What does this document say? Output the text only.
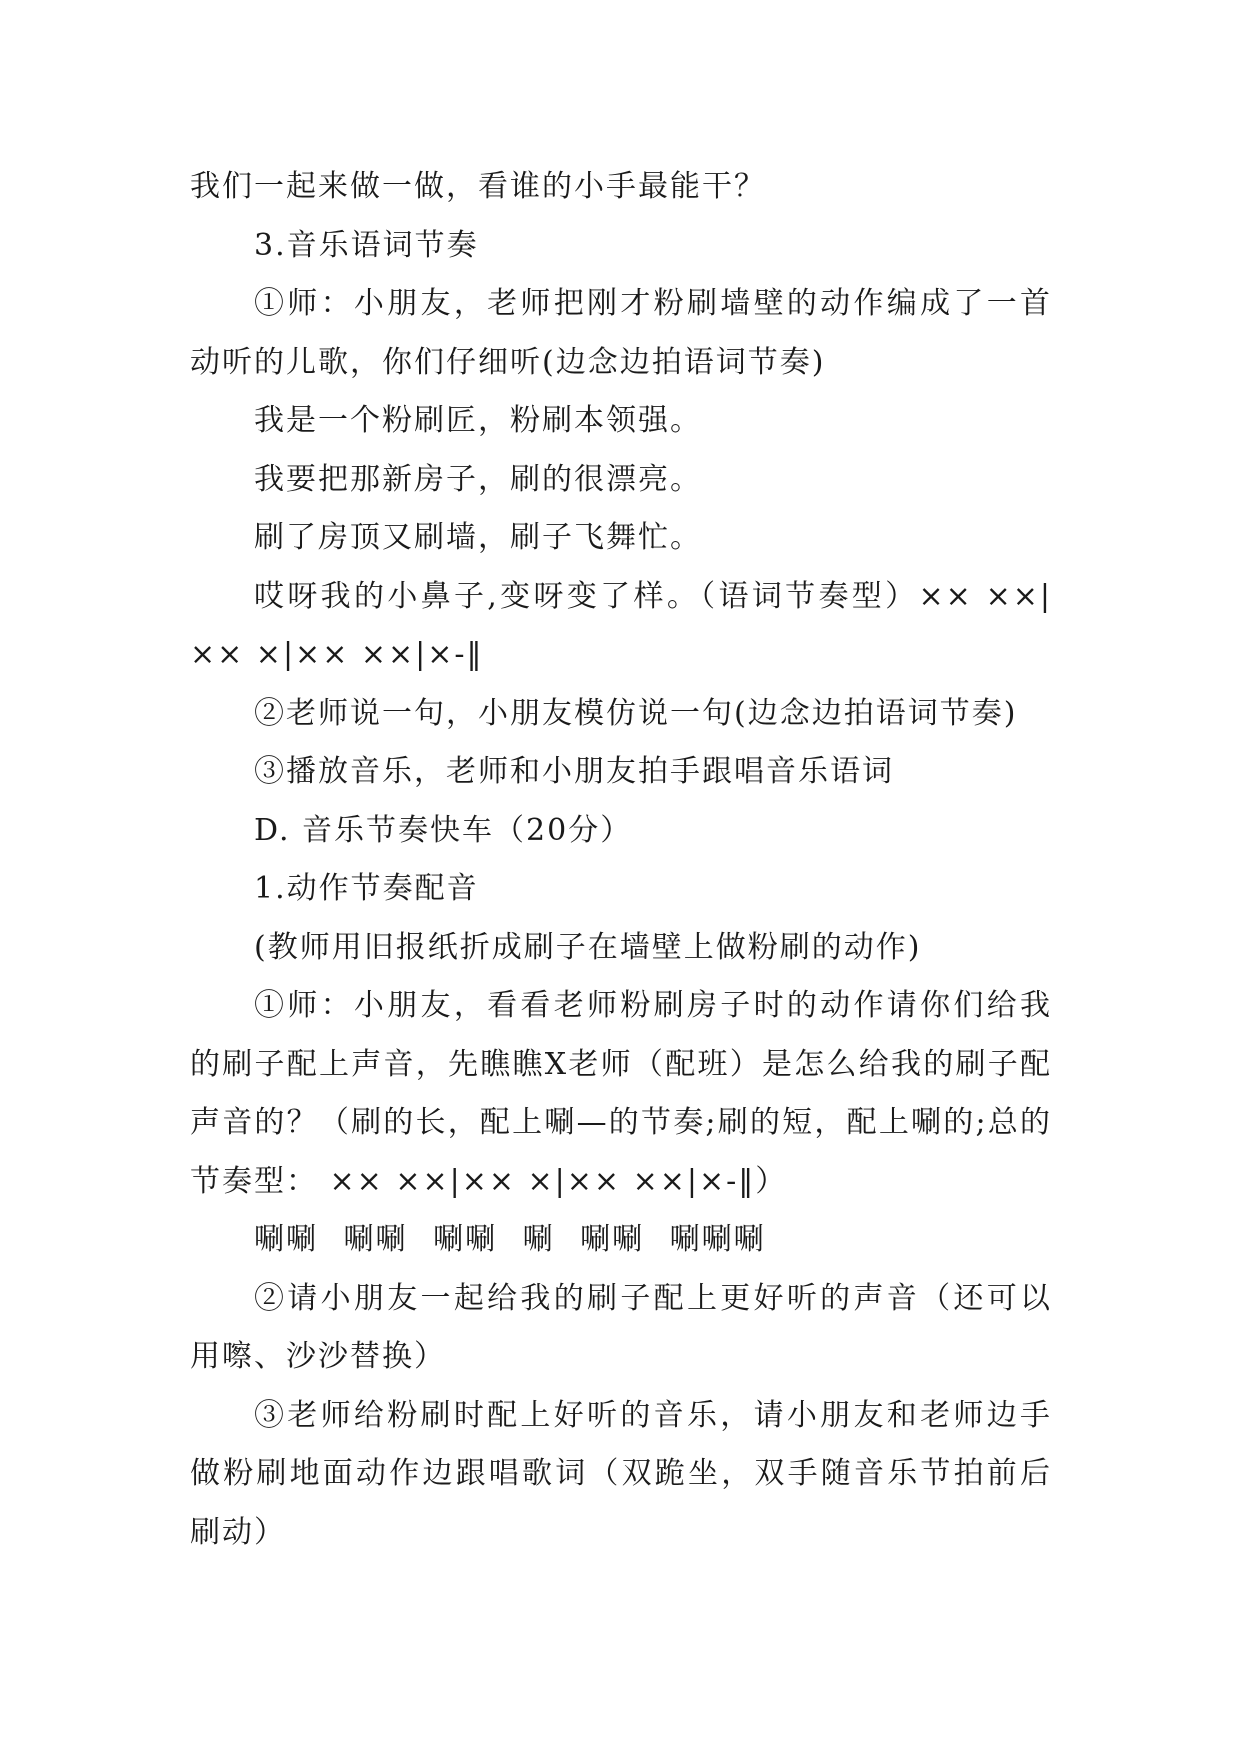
我们一起来做一做，看谁的小手最能干？

3.音乐语词节奏

①师：小朋友，老师把刚才粉刷墙壁的动作编成了一首动听的儿歌，你们仔细听(边念边拍语词节奏)

我是一个粉刷匠，粉刷本领强。

我要把那新房子，刷的很漂亮。

刷了房顶又刷墙，刷子飞舞忙。

哎呀我的小鼻子,变呀变了样。（语词节奏型）×× ××|×× ×|×× ××|×-‖

②老师说一句，小朋友模仿说一句(边念边拍语词节奏)

③播放音乐，老师和小朋友拍手跟唱音乐语词

D. 音乐节奏快车（20分）

1.动作节奏配音

(教师用旧报纸折成刷子在墙壁上做粉刷的动作)

①师：小朋友，看看老师粉刷房子时的动作请你们给我的刷子配上声音，先瞧瞧X老师（配班）是怎么给我的刷子配声音的？（刷的长，配上唰—的节奏;刷的短，配上唰的;总的节奏型： ×× ××|×× ×|×× ××|×-‖）

唰唰 唰唰 唰唰 唰 唰唰 唰唰唰

②请小朋友一起给我的刷子配上更好听的声音（还可以用嚓、沙沙替换）

③老师给粉刷时配上好听的音乐，请小朋友和老师边手做粉刷地面动作边跟唱歌词（双跪坐，双手随音乐节拍前后刷动）
